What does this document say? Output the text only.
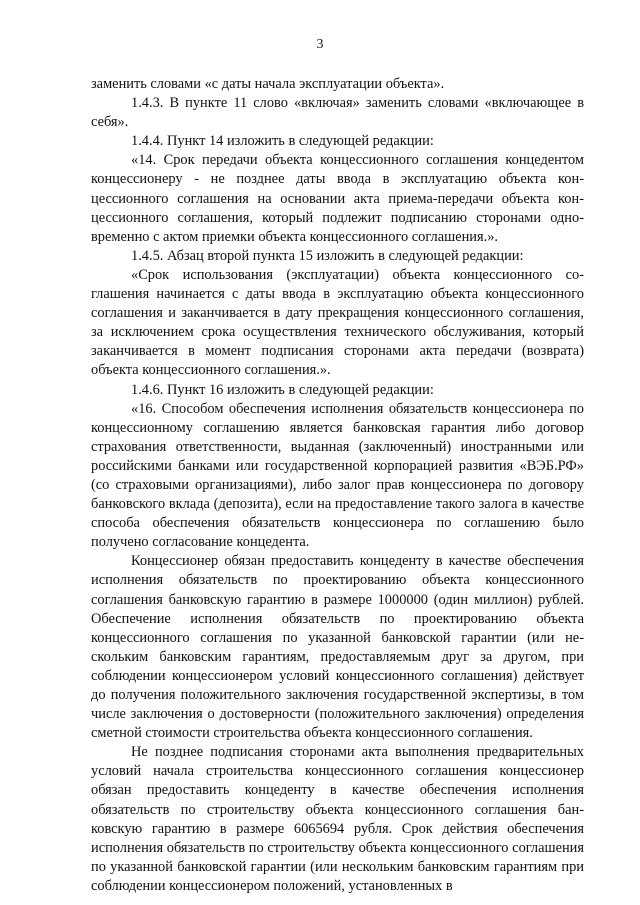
3

заменить словами «с даты начала эксплуатации объекта».

1.4.3. В пункте 11 слово «включая» заменить словами «включающее в себя».

1.4.4. Пункт 14 изложить в следующей редакции:

«14. Срок передачи объекта концессионного соглашения концедентом концессионеру - не позднее даты ввода в эксплуатацию объекта концессионного соглашения на основании акта приема-передачи объекта концессионного соглашения, который подлежит подписанию сторонами одновременно с актом приемки объекта концессионного соглашения.».

1.4.5. Абзац второй пункта 15 изложить в следующей редакции:

«Срок использования (эксплуатации) объекта концессионного соглашения начинается с даты ввода в эксплуатацию объекта концессионного соглашения и заканчивается в дату прекращения концессионного соглашения, за исключением срока осуществления технического обслуживания, который заканчивается в момент подписания сторонами акта передачи (возврата) объекта концессионного соглашения.».

1.4.6. Пункт 16 изложить в следующей редакции:

«16. Способом обеспечения исполнения обязательств концессионера по концессионному соглашению является банковская гарантия либо договор страхования ответственности, выданная (заключенный) иностранными или российскими банками или государственной корпорацией развития «ВЭБ.РФ» (со страховыми организациями), либо залог прав концессионера по договору банковского вклада (депозита), если на предоставление такого залога в качестве способа обеспечения обязательств концессионера по соглашению было получено согласование концедента.

Концессионер обязан предоставить концеденту в качестве обеспечения исполнения обязательств по проектированию объекта концессионного соглашения банковскую гарантию в размере 1000000 (один миллион) рублей. Обеспечение исполнения обязательств по проектированию объекта концессионного соглашения по указанной банковской гарантии (или нескольким банковским гарантиям, предоставляемым друг за другом, при соблюдении концессионером условий концессионного соглашения) действует до получения положительного заключения государственной экспертизы, в том числе заключения о достоверности (положительного заключения) определения сметной стоимости строительства объекта концессионного соглашения.

Не позднее подписания сторонами акта выполнения предварительных условий начала строительства концессионного соглашения концессионер обязан предоставить концеденту в качестве обеспечения исполнения обязательств по строительству объекта концессионного соглашения банковскую гарантию в размере 6065694 рубля. Срок действия обеспечения исполнения обязательств по строительству объекта концессионного соглашения по указанной банковской гарантии (или нескольким банковским гарантиям при соблюдении концессионером положений, установленных в
